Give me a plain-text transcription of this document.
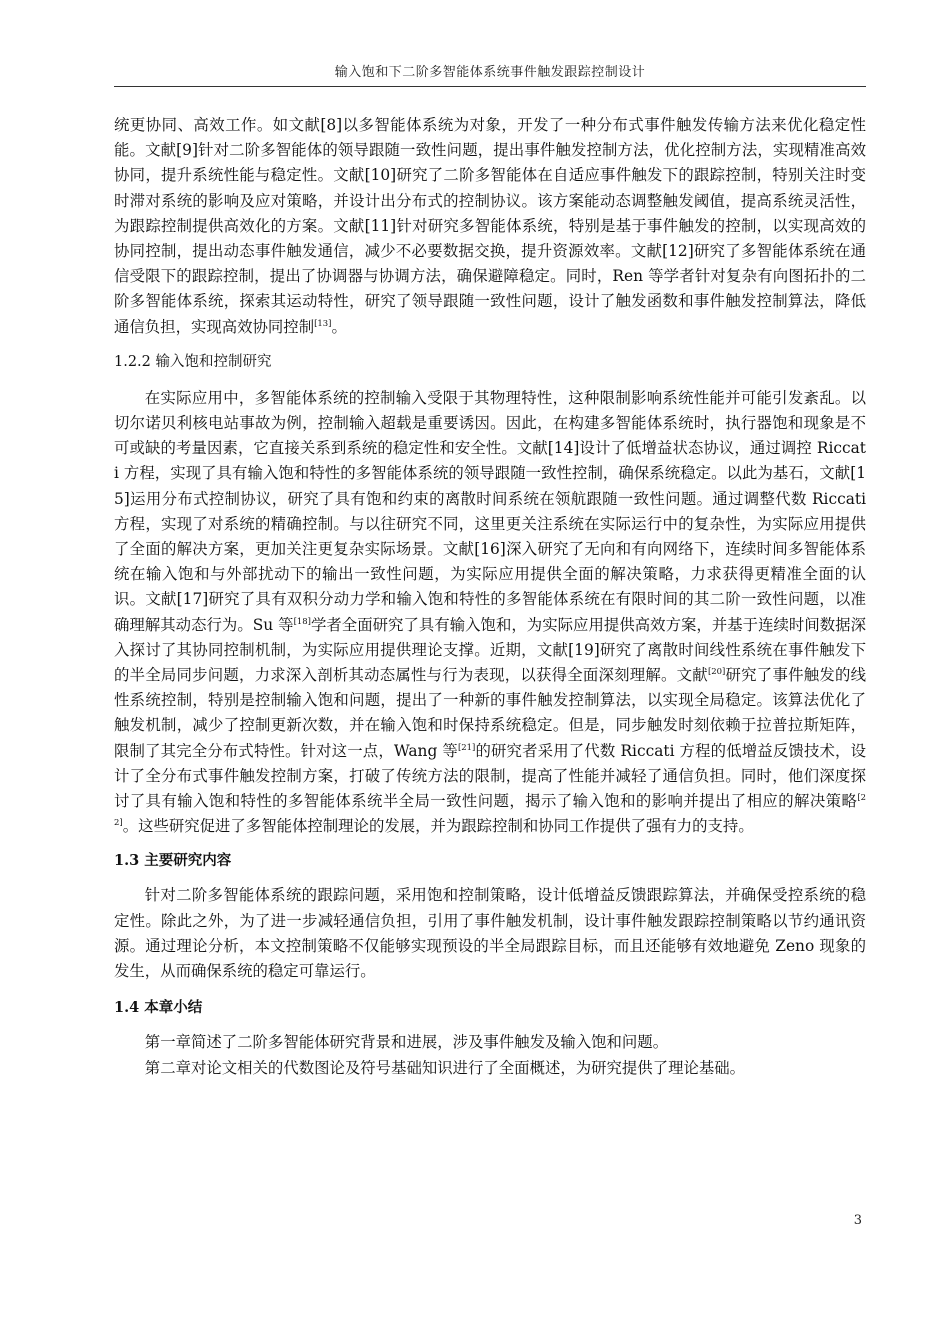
输入饱和下二阶多智能体系统事件触发跟踪控制设计

统更协同、高效工作。如文献[8]以多智能体系统为对象，开发了一种分布式事件触发传输方法来优化稳定性能。文献[9]针对二阶多智能体的领导跟随一致性问题，提出事件触发控制方法，优化控制方法，实现精准高效协同，提升系统性能与稳定性。文献[10]研究了二阶多智能体在自适应事件触发下的跟踪控制，特别关注时变时滞对系统的影响及应对策略，并设计出分布式的控制协议。该方案能动态调整触发阈值，提高系统灵活性，为跟踪控制提供高效化的方案。文献[11]针对研究多智能体系统，特别是基于事件触发的控制，以实现高效的协同控制，提出动态事件触发通信，减少不必要数据交换，提升资源效率。文献[12]研究了多智能体系统在通信受限下的跟踪控制，提出了协调器与协调方法，确保避障稳定。同时，Ren 等学者针对复杂有向图拓扑的二阶多智能体系统，探索其运动特性，研究了领导跟随一致性问题，设计了触发函数和事件触发控制算法，降低通信负担，实现高效协同控制[13]。

1.2.2 输入饱和控制研究

在实际应用中，多智能体系统的控制输入受限于其物理特性，这种限制影响系统性能并可能引发紊乱。以切尔诺贝利核电站事故为例，控制输入超载是重要诱因。因此，在构建多智能体系统时，执行器饱和现象是不可或缺的考量因素，它直接关系到系统的稳定性和安全性。文献[14]设计了低增益状态协议，通过调控 Riccati 方程，实现了具有输入饱和特性的多智能体系统的领导跟随一致性控制，确保系统稳定。以此为基石，文献[15]运用分布式控制协议，研究了具有饱和约束的离散时间系统在领航跟随一致性问题。通过调整代数 Riccati 方程，实现了对系统的精确控制。与以往研究不同，这里更关注系统在实际运行中的复杂性，为实际应用提供了全面的解决方案，更加关注更复杂实际场景。文献[16]深入研究了无向和有向网络下，连续时间多智能体系统在输入饱和与外部扰动下的输出一致性问题，为实际应用提供全面的解决策略，力求获得更精准全面的认识。文献[17]研究了具有双积分动力学和输入饱和特性的多智能体系统在有限时间的其二阶一致性问题，以准确理解其动态行为。Su 等[18]学者全面研究了具有输入饱和，为实际应用提供高效方案，并基于连续时间数据深入探讨了其协同控制机制，为实际应用提供理论支撑。近期，文献[19]研究了离散时间线性系统在事件触发下的半全局同步问题，力求深入剖析其动态属性与行为表现，以获得全面深刻理解。文献[20]研究了事件触发的线性系统控制，特别是控制输入饱和问题，提出了一种新的事件触发控制算法，以实现全局稳定。该算法优化了触发机制，减少了控制更新次数，并在输入饱和时保持系统稳定。但是，同步触发时刻依赖于拉普拉斯矩阵，限制了其完全分布式特性。针对这一点，Wang 等[21]的研究者采用了代数 Riccati 方程的低增益反馈技术，设计了全分布式事件触发控制方案，打破了传统方法的限制，提高了性能并减轻了通信负担。同时，他们深度探讨了具有输入饱和特性的多智能体系统半全局一致性问题，揭示了输入饱和的影响并提出了相应的解决策略[22]。这些研究促进了多智能体控制理论的发展，并为跟踪控制和协同工作提供了强有力的支持。

1.3 主要研究内容

针对二阶多智能体系统的跟踪问题，采用饱和控制策略，设计低增益反馈跟踪算法，并确保受控系统的稳定性。除此之外，为了进一步减轻通信负担，引用了事件触发机制，设计事件触发跟踪控制策略以节约通讯资源。通过理论分析，本文控制策略不仅能够实现预设的半全局跟踪目标，而且还能够有效地避免 Zeno 现象的发生，从而确保系统的稳定可靠运行。

1.4 本章小结

第一章简述了二阶多智能体研究背景和进展，涉及事件触发及输入饱和问题。

第二章对论文相关的代数图论及符号基础知识进行了全面概述，为研究提供了理论基础。

3
